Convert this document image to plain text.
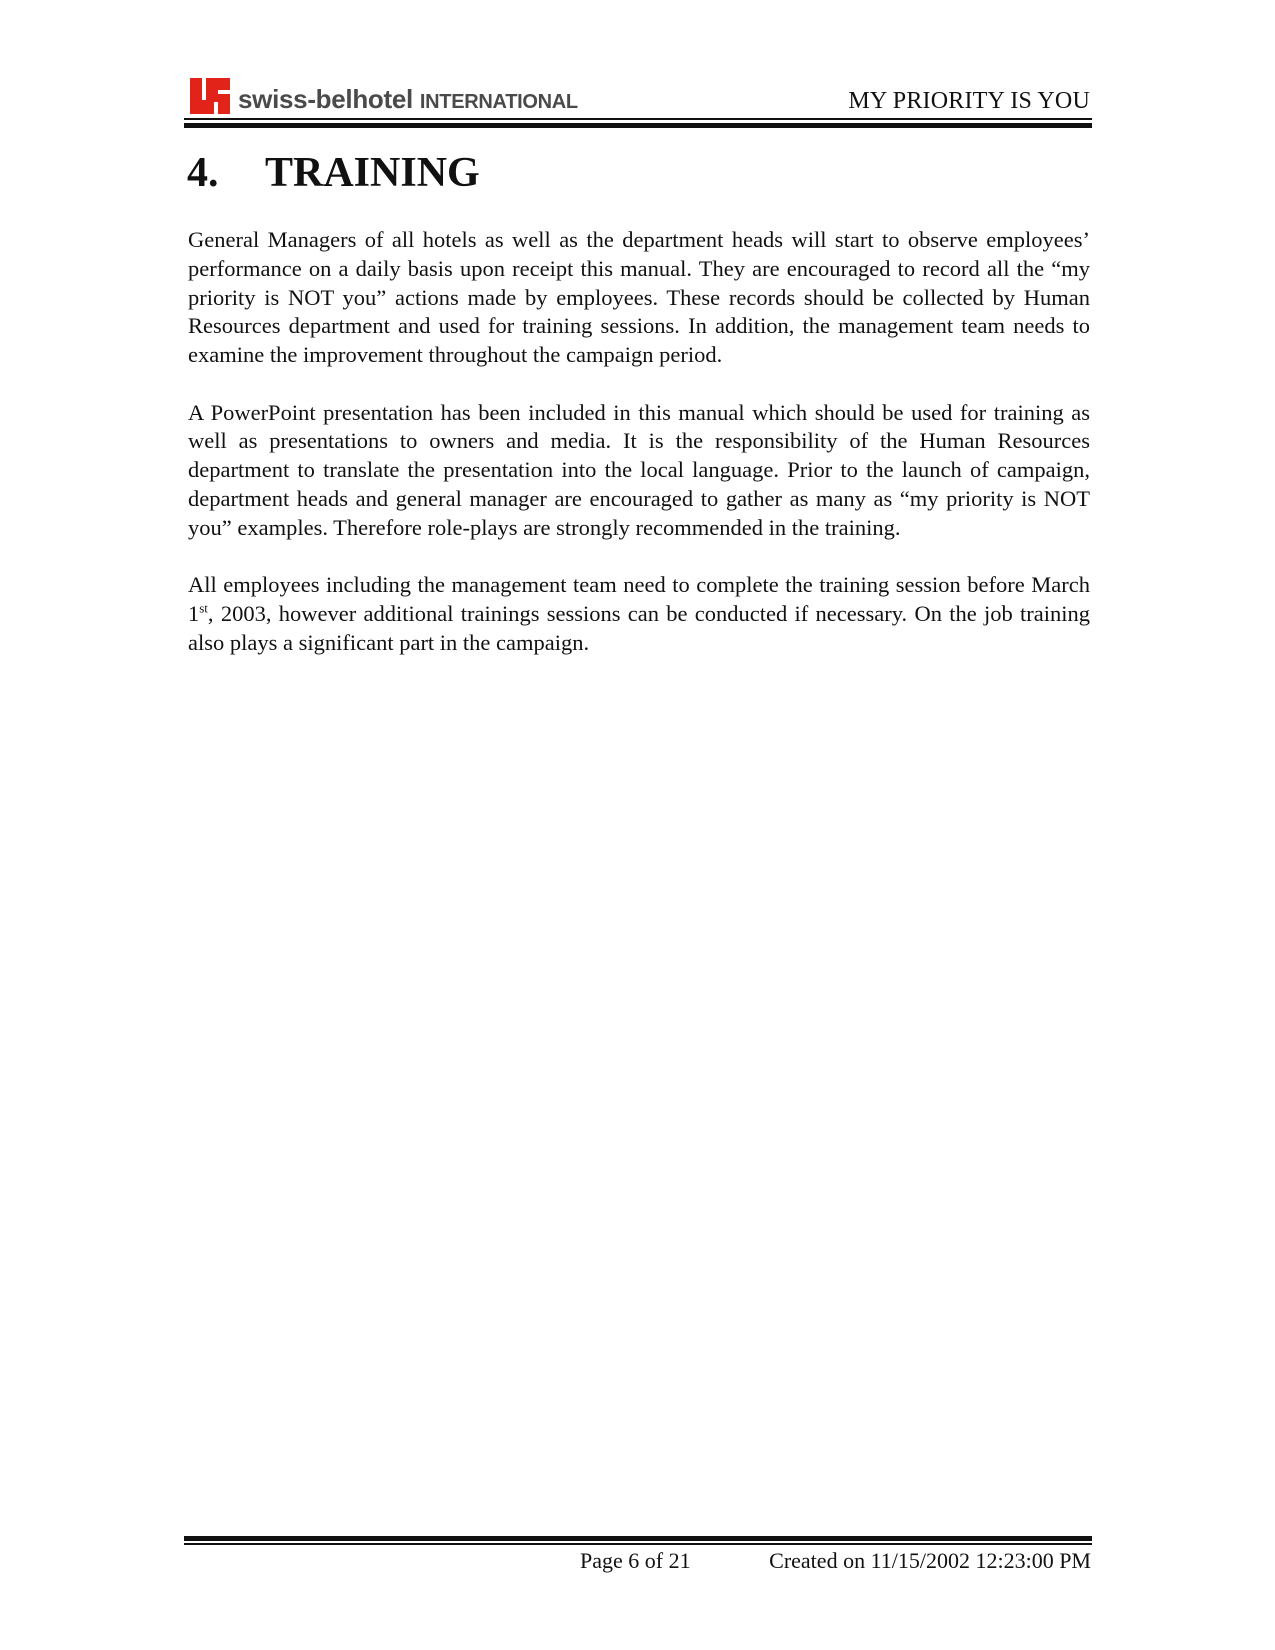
swiss-belhotel international	MY PRIORITY IS YOU
4.	TRAINING

General Managers of all hotels as well as the department heads will start to observe employees’ performance on a daily basis upon receipt this manual. They are encouraged to record all the “my priority is NOT you” actions made by employees. These records should be collected by Human Resources department and used for training sessions. In addition, the management team needs to examine the improvement throughout the campaign period.

A PowerPoint presentation has been included in this manual which should be used for training as well as presentations to owners and media. It is the responsibility of the Human Resources department to translate the presentation into the local language. Prior to the launch of campaign, department heads and general manager are encouraged to gather as many as “my priority is NOT you” examples. Therefore role-plays are strongly recommended in the training.

All employees including the management team need to complete the training session before March 1st, 2003, however additional trainings sessions can be conducted if necessary. On the job training also plays a significant part in the campaign.

Page 6 of 21	Created on 11/15/2002 12:23:00 PM
